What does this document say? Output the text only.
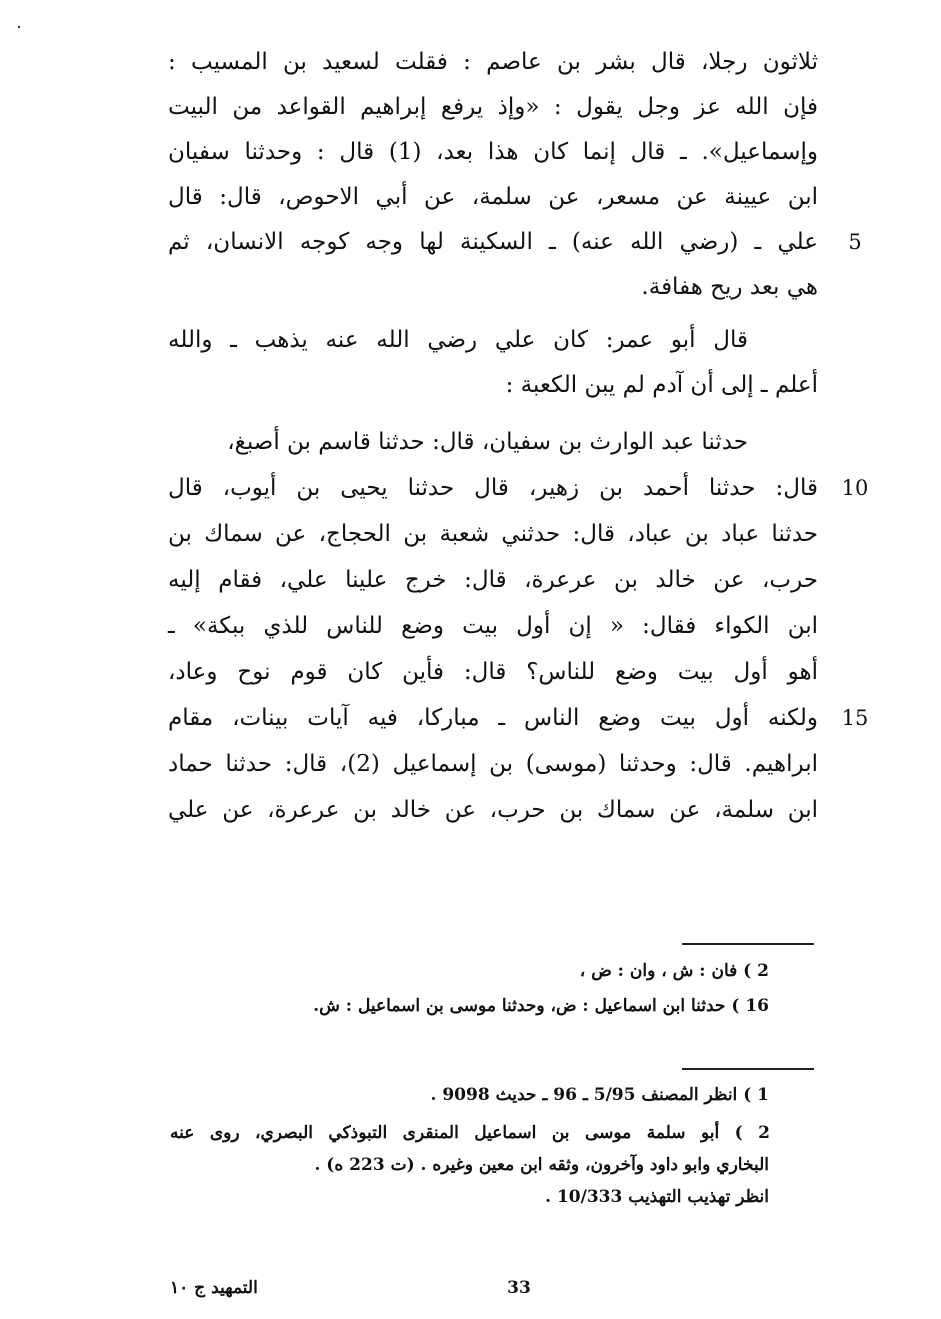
ثلاثون رجلا، قال بشر بن عاصم : فقلت لسعيد بن المسيب :
فإن الله عز وجل يقول : «وإذ يرفع إبراهيم القواعد من البيت
وإسماعيل». ـ قال إنما كان هذا بعد، (1) قال : وحدثنا سفيان
ابن عيينة عن مسعر، عن سلمة، عن أبي الاحوص، قال: قال
علي ـ (رضي الله عنه) ـ السكينة لها وجه كوجه الانسان، ثم
هي بعد ريح هفافة.
قال أبو عمر: كان علي رضي الله عنه يذهب ـ والله
أعلم ـ إلى أن آدم لم يبن الكعبة :
حدثنا عبد الوارث بن سفيان، قال: حدثنا قاسم بن أصبغ،
قال: حدثنا أحمد بن زهير، قال حدثنا يحيى بن أيوب، قال
حدثنا عباد بن عباد، قال: حدثني شعبة بن الحجاج، عن سماك بن
حرب، عن خالد بن عرعرة، قال: خرج علينا علي، فقام إليه
ابن الكواء فقال: « إن أول بيت وضع للناس للذي ببكة» ـ
أهو أول بيت وضع للناس؟ قال: فأين كان قوم نوح وعاد،
ولكنه أول بيت وضع الناس ـ مباركا، فيه آيات بينات، مقام
ابراهيم. قال: وحدثنا (موسى) بن إسماعيل (2)، قال: حدثنا حماد
ابن سلمة، عن سماك بن حرب، عن خالد بن عرعرة، عن علي
5
10
15
2 ) فان : ش ، وان : ض ،
16 ) حدثنا ابن اسماعيل : ض، وحدثنا موسى بن اسماعيل : ش.
1 ) انظر المصنف 5/95 ـ 96 ـ حديث 9098 .
2 ) أبو سلمة موسى بن اسماعيل المنقرى التبوذكي البصري، روى عنه
البخاري وابو داود وآخرون، وثقه ابن معين وغيره . (ت 223 ه) .
انظر تهذيب التهذيب 10/333 .
التمهيد ج ١٠	33
